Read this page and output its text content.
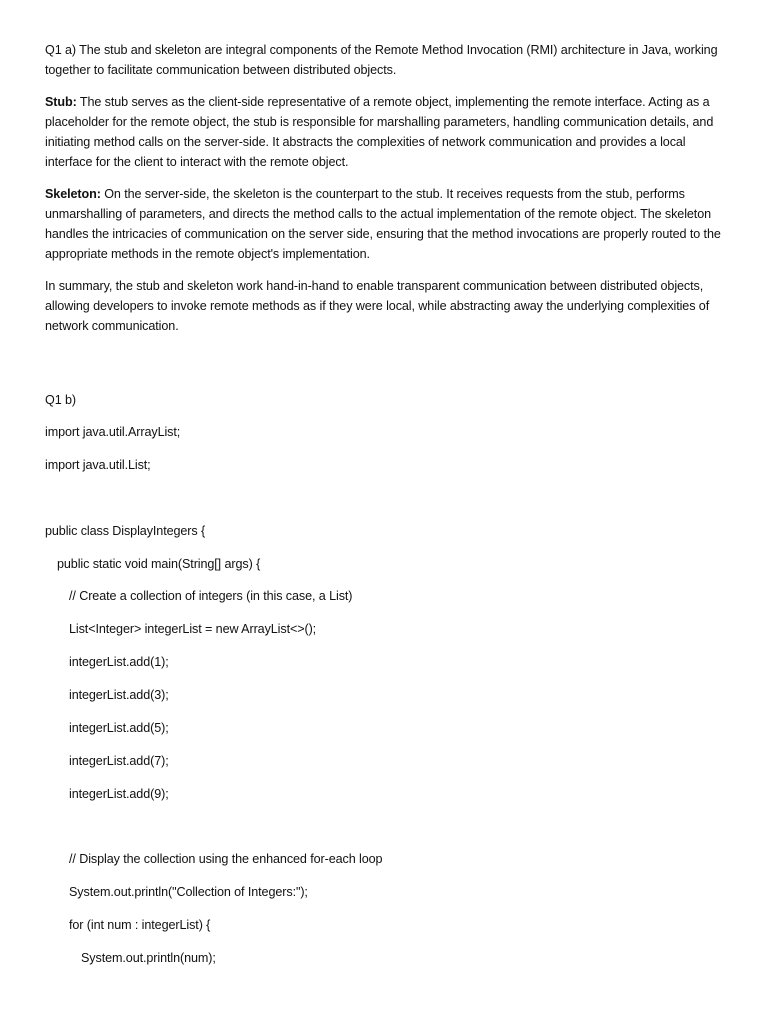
Q1 a) The stub and skeleton are integral components of the Remote Method Invocation (RMI) architecture in Java, working together to facilitate communication between distributed objects.

Stub: The stub serves as the client-side representative of a remote object, implementing the remote interface. Acting as a placeholder for the remote object, the stub is responsible for marshalling parameters, handling communication details, and initiating method calls on the server-side. It abstracts the complexities of network communication and provides a local interface for the client to interact with the remote object.

Skeleton: On the server-side, the skeleton is the counterpart to the stub. It receives requests from the stub, performs unmarshalling of parameters, and directs the method calls to the actual implementation of the remote object. The skeleton handles the intricacies of communication on the server side, ensuring that the method invocations are properly routed to the appropriate methods in the remote object's implementation.

In summary, the stub and skeleton work hand-in-hand to enable transparent communication between distributed objects, allowing developers to invoke remote methods as if they were local, while abstracting away the underlying complexities of network communication.

Q1 b)
import java.util.ArrayList;
import java.util.List;
public class DisplayIntegers {
public static void main(String[] args) {
// Create a collection of integers (in this case, a List)
List<Integer> integerList = new ArrayList<>();
integerList.add(1);
integerList.add(3);
integerList.add(5);
integerList.add(7);
integerList.add(9);
// Display the collection using the enhanced for-each loop
System.out.println("Collection of Integers:");
for (int num : integerList) {
System.out.println(num);
